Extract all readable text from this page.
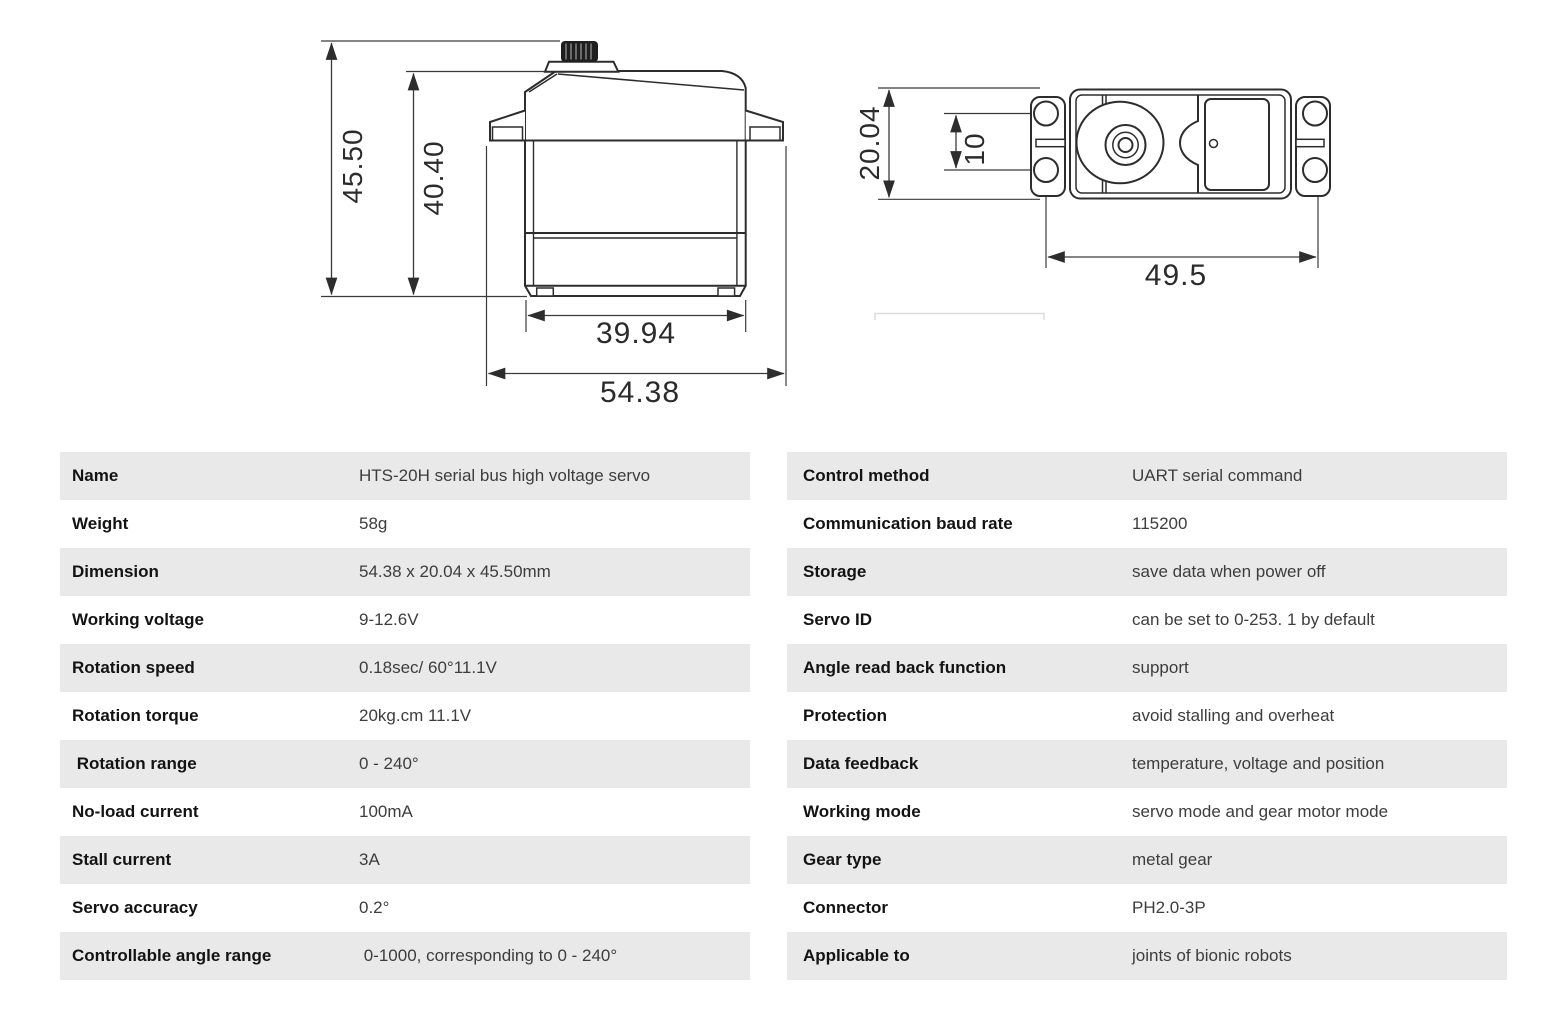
45.50 40.40
39.94
54.38
20.04	10
49.5
Name	HTS-20H serial bus high voltage servo
Weight	58g
Dimension	54.38 x 20.04 x 45.50mm
Working voltage	9-12.6V
Rotation speed	0.18sec/ 60°11.1V
Rotation torque	20kg.cm 11.1V
Rotation range	0 - 240°
No-load current	100mA
Stall current	3A
Servo accuracy	0.2°
Controllable angle range	0-1000, corresponding to 0 - 240°
Control method	UART serial command
Communication baud rate	115200
Storage	save data when power off
Servo ID	can be set to 0-253. 1 by default
Angle read back function	support
Protection	avoid stalling and overheat
Data feedback	temperature, voltage and position
Working mode	servo mode and gear motor mode
Gear type	metal gear
Connector	PH2.0-3P
Applicable to	joints of bionic robots
